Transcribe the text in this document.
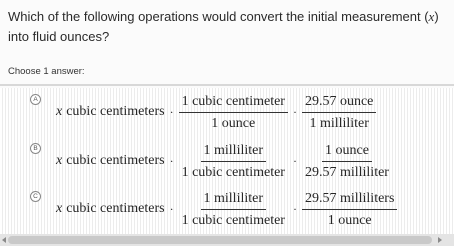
Which of the following operations would convert the initial measurement (x) into fluid ounces?
Choose 1 answer:
A
x cubic centimeters · $\frac{\text{1 cubic centimeter}}{\text{1 ounce}} \cdot \frac{\text{29.57 ounce}}{\text{1 milliliter}}$
B
x cubic centimeters · $\frac{\text{1 milliliter}}{\text{1 cubic centimeter}} \cdot \frac{\text{1 ounce}}{\text{29.57 milliliter}}$
C
x cubic centimeters · $\frac{\text{1 milliliter}}{\text{1 cubic centimeter}} \cdot \frac{\text{29.57 milliliters}}{\text{1 ounce}}$
